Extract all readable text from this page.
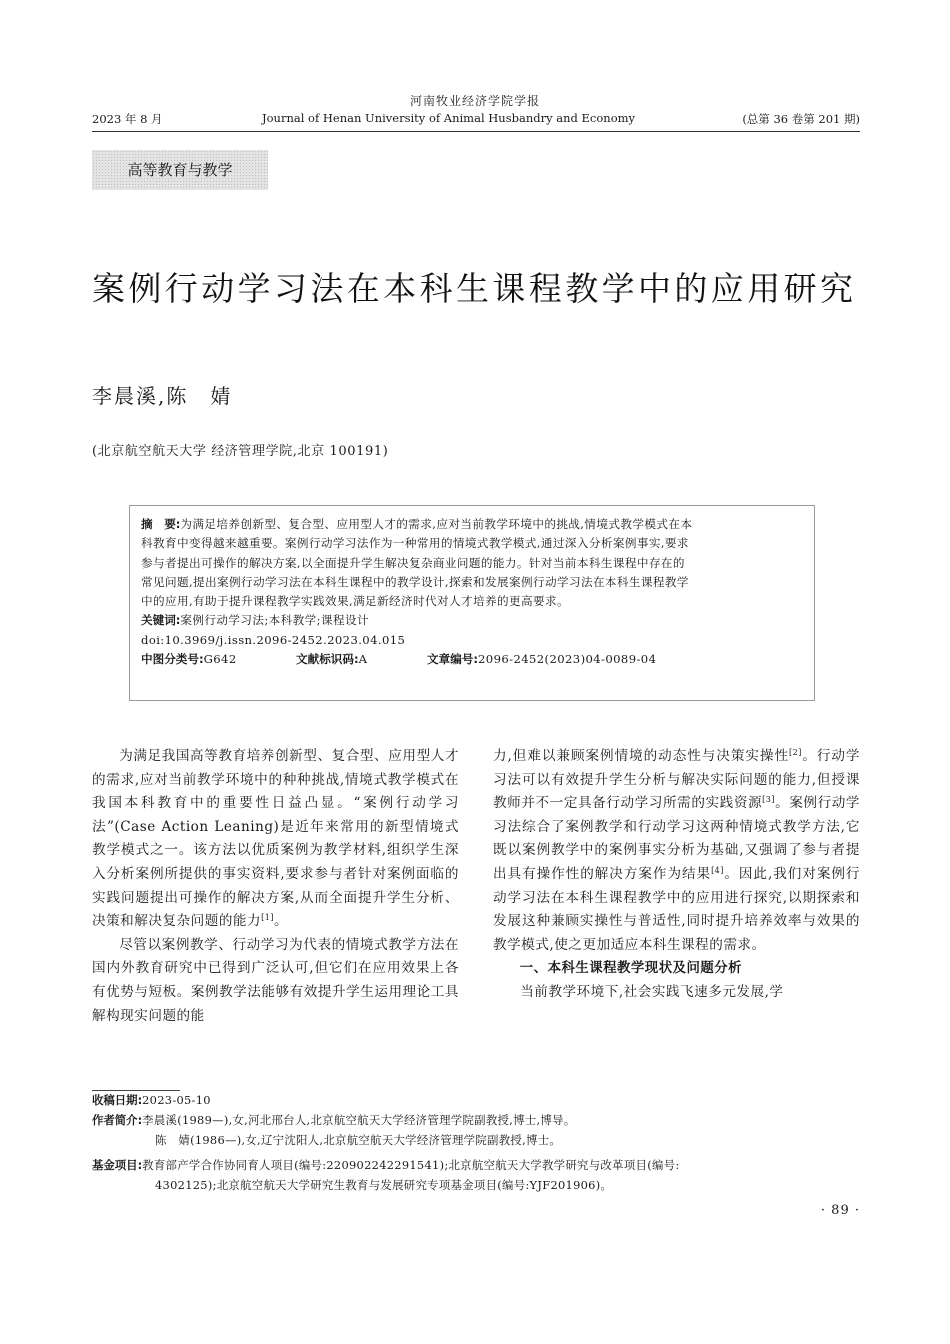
河南牧业经济学院学报
2023 年 8 月	Journal of Henan University of Animal Husbandry and Economy	(总第 36 卷第 201 期)
高等教育与教学
案例行动学习法在本科生课程教学中的应用研究
李晨溪,陈　婧
(北京航空航天大学 经济管理学院,北京 100191)
摘　要:为满足培养创新型、复合型、应用型人才的需求,应对当前教学环境中的挑战,情境式教学模式在本
科教育中变得越来越重要。案例行动学习法作为一种常用的情境式教学模式,通过深入分析案例事实,要求
参与者提出可操作的解决方案,以全面提升学生解决复杂商业问题的能力。针对当前本科生课程中存在的
常见问题,提出案例行动学习法在本科生课程中的教学设计,探索和发展案例行动学习法在本科生课程教学
中的应用,有助于提升课程教学实践效果,满足新经济时代对人才培养的更高要求。
关键词:案例行动学习法;本科教学;课程设计
doi:10.3969/j.issn.2096-2452.2023.04.015
中图分类号:G642	文献标识码:A	文章编号:2096-2452(2023)04-0089-04

为满足我国高等教育培养创新型、复合型、应用型人才的需求,应对当前教学环境中的种种挑战,情境式教学模式在我国本科教育中的重要性日益凸显。“案例行动学习法”(Case Action Leaning)是近年来常用的新型情境式教学模式之一。该方法以优质案例为教学材料,组织学生深入分析案例所提供的事实资料,要求参与者针对案例面临的实践问题提出可操作的解决方案,从而全面提升学生分析、决策和解决复杂问题的能力[1]。

尽管以案例教学、行动学习为代表的情境式教学方法在国内外教育研究中已得到广泛认可,但它们在应用效果上各有优势与短板。案例教学法能够有效提升学生运用理论工具解构现实问题的能

力,但难以兼顾案例情境的动态性与决策实操性[2]。行动学习法可以有效提升学生分析与解决实际问题的能力,但授课教师并不一定具备行动学习所需的实践资源[3]。案例行动学习法综合了案例教学和行动学习这两种情境式教学方法,它既以案例教学中的案例事实分析为基础,又强调了参与者提出具有操作性的解决方案作为结果[4]。因此,我们对案例行动学习法在本科生课程教学中的应用进行探究,以期探索和发展这种兼顾实操性与普适性,同时提升培养效率与效果的教学模式,使之更加适应本科生课程的需求。

一、本科生课程教学现状及问题分析

当前教学环境下,社会实践飞速多元发展,学

收稿日期:2023-05-10
作者简介:李晨溪(1989—),女,河北邢台人,北京航空航天大学经济管理学院副教授,博士,博导。
陈　婧(1986—),女,辽宁沈阳人,北京航空航天大学经济管理学院副教授,博士。
基金项目:教育部产学合作协同育人项目(编号:220902242291541);北京航空航天大学教学研究与改革项目(编号:
4302125);北京航空航天大学研究生教育与发展研究专项基金项目(编号:YJF201906)。
· 89 ·
